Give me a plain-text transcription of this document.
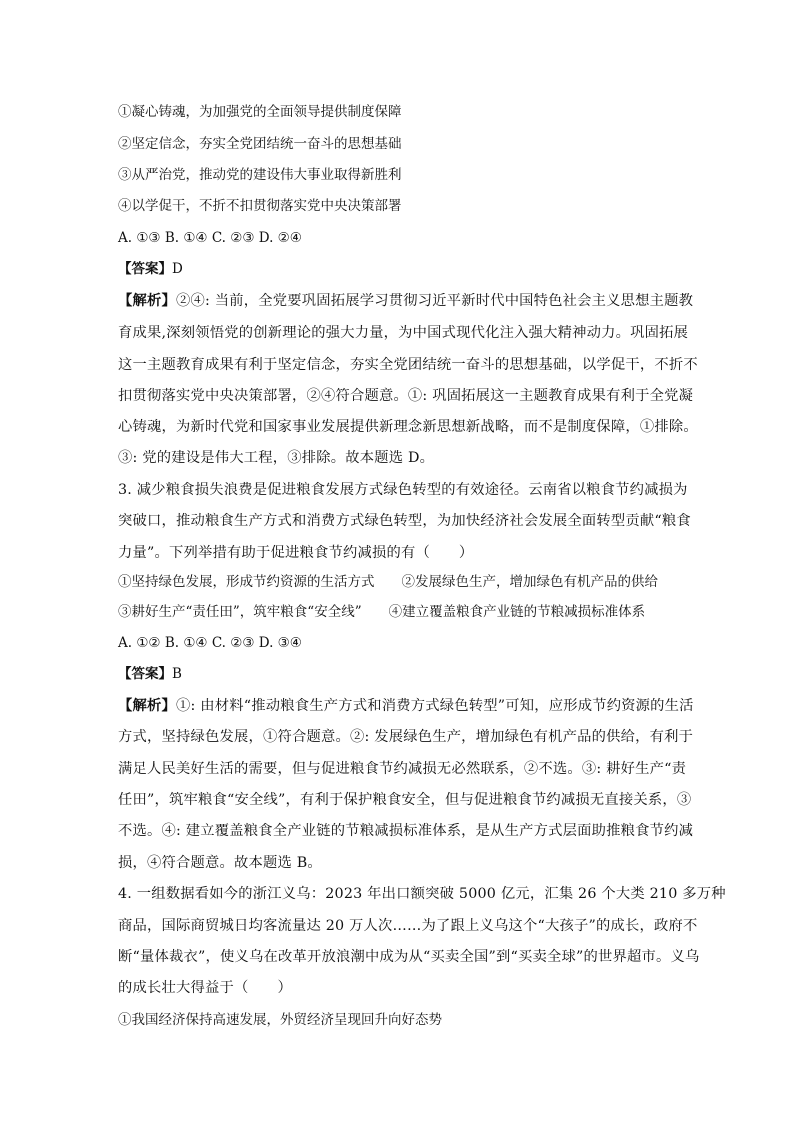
①凝心铸魂，为加强党的全面领导提供制度保障
②坚定信念，夯实全党团结统一奋斗的思想基础
③从严治党，推动党的建设伟大事业取得新胜利
④以学促干，不折不扣贯彻落实党中央决策部署
A. ①③ B. ①④ C. ②③ D. ②④
【答案】D
【解析】②④: 当前，全党要巩固拓展学习贯彻习近平新时代中国特色社会主义思想主题教
育成果,深刻领悟党的创新理论的强大力量，为中国式现代化注入强大精神动力。巩固拓展
这一主题教育成果有利于坚定信念，夯实全党团结统一奋斗的思想基础，以学促干，不折不
扣贯彻落实党中央决策部署，②④符合题意。①: 巩固拓展这一主题教育成果有利于全党凝
心铸魂，为新时代党和国家事业发展提供新理念新思想新战略，而不是制度保障，①排除。
③: 党的建设是伟大工程，③排除。故本题选 D。
3. 减少粮食损失浪费是促进粮食发展方式绿色转型的有效途径。云南省以粮食节约减损为
突破口，推动粮食生产方式和消费方式绿色转型，为加快经济社会发展全面转型贡献“粮食
力量”。下列举措有助于促进粮食节约减损的有（　　）
①坚持绿色发展，形成节约资源的生活方式　　②发展绿色生产，增加绿色有机产品的供给
③耕好生产“责任田”，筑牢粮食“安全线”　　④建立覆盖粮食产业链的节粮减损标准体系
A. ①② B. ①④ C. ②③ D. ③④
【答案】B
【解析】①: 由材料“推动粮食生产方式和消费方式绿色转型”可知，应形成节约资源的生活
方式，坚持绿色发展，①符合题意。②: 发展绿色生产，增加绿色有机产品的供给，有利于
满足人民美好生活的需要，但与促进粮食节约减损无必然联系，②不选。③: 耕好生产“责
任田”，筑牢粮食“安全线”，有利于保护粮食安全，但与促进粮食节约减损无直接关系，③
不选。④: 建立覆盖粮食全产业链的节粮减损标准体系，是从生产方式层面助推粮食节约减
损，④符合题意。故本题选 B。
4. 一组数据看如今的浙江义乌：2023 年出口额突破 5000 亿元，汇集 26 个大类 210 多万种
商品，国际商贸城日均客流量达 20 万人次……为了跟上义乌这个“大孩子”的成长，政府不
断“量体裁衣”，使义乌在改革开放浪潮中成为从“买卖全国”到“买卖全球”的世界超市。义乌
的成长壮大得益于（　　）
①我国经济保持高速发展，外贸经济呈现回升向好态势
